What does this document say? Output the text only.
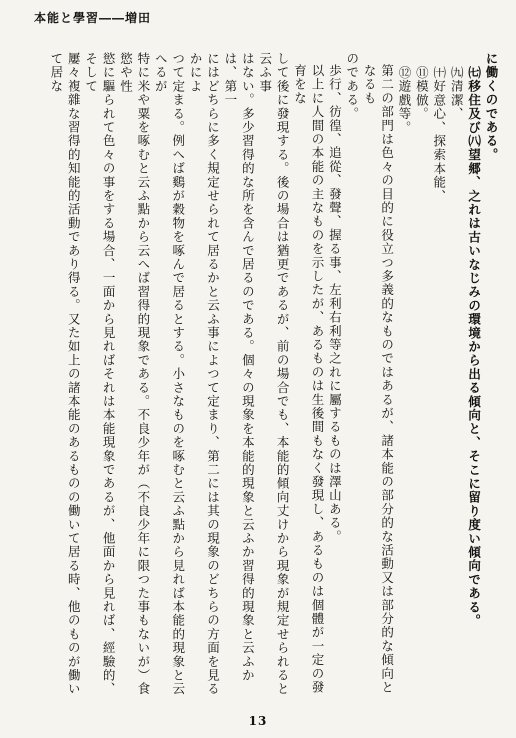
本能と學習――増田

に働くのである。

㈦移住及び㈧望郷、之れは古いなじみの環境から出る傾向と、そこに留り度い傾向である。

㈨清潔、

㈩好意心、探索本能、

⑪模倣。

⑫遊戲等。

第二の部門は色々の目的に役立つ多義的なものではあるが、諸本能の部分的な活動又は部分的な傾向となるも

のである。

歩行、彷徨、追從、發聲、握る事、左利右利等之れに屬するものは澤山ある。

以上に人間の本能の主なものを示したが、あるものは生後間もなく發現し、あるものは個體が一定の發育をな

して後に發現する。後の場合は猶更であるが、前の場合でも、本能的傾向丈けから現象が規定せられると云ふ事

はない。多少習得的な所を含んで居るのである。個々の現象を本能的現象と云ふか習得的現象と云ふかは、第一

にはどちらに多く規定せられて居るかと云ふ事によつて定まり、第二には其の現象のどちらの方面を見るかによ

つて定まる。例へば鷄が穀物を啄んで居るとする。小さなものを啄むと云ふ點から見れば本能的現象と云へるが

特に米や粟を啄むと云ふ點から云へば習得的現象である。不良少年が（不良少年に限つた事もないが）食慾や性

慾に驅られて色々の事をする場合、一面から見ればそれは本能現象であるが、他面から見れば、經驗的、そして

屢々複雜な習得的知能的活動であり得る。又た如上の諸本能のあるものの働いて居る時、他のものが働いて居な

13
